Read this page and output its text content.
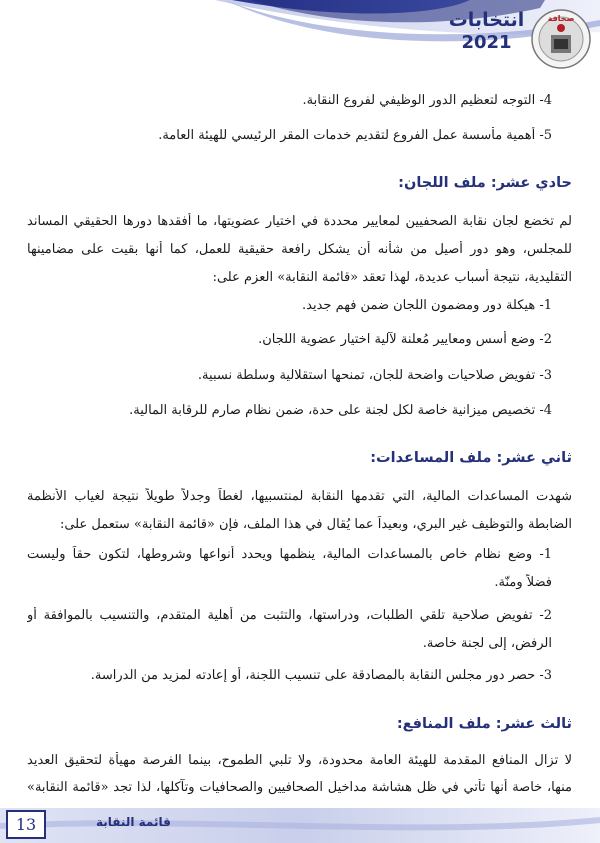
انتخابات
2021
صحافة
4- التوجه لتعظيم الدور الوظيفي لفروع النقابة.
5- أهمية مأسسة عمل الفروع لتقديم خدمات المقر الرئيسي للهيئة العامة.
حادي عشر: ملف اللجان:
لم تخضع لجان نقابة الصحفيين لمعايير محددة في اختيار عضويتها، ما أفقدها دورها الحقيقي المساند
للمجلس، وهو دور أصيل من شأنه أن يشكل رافعة حقيقية للعمل، كما أنها بقيت على مضامينها
التقليدية، نتيجة أسباب عديدة، لهذا تعقد «قائمة النقابة» العزم على:
1- هيكلة دور ومضمون اللجان ضمن فهم جديد.
2- وضع أسس ومعايير مُعلنة لآلية اختيار عضوية اللجان.
3- تفويض صلاحيات واضحة للجان، تمنحها استقلالية وسلطة نسبية.
4- تخصيص ميزانية خاصة لكل لجنة على حدة، ضمن نظام صارم للرقابة المالية.
ثاني عشر: ملف المساعدات:
شهدت المساعدات المالية، التي تقدمها النقابة لمنتسبيها، لغطاً وجدلاً طويلاً نتيجة لغياب الأنظمة
الضابطة والتوظيف غير البري، وبعيداً عما يُقال في هذا الملف، فإن «قائمة النقابة» ستعمل على:
1- وضع نظام خاص بالمساعدات المالية، ينظمها ويحدد أنواعها وشروطها، لتكون حقاً وليست
فضلاً ومنّة.
2- تفويض صلاحية تلقي الطلبات، ودراستها، والتثبت من أهلية المتقدم، والتنسيب بالموافقة أو
الرفض، إلى لجنة خاصة.
3- حصر دور مجلس النقابة بالمصادقة على تنسيب اللجنة، أو إعادته لمزيد من الدراسة.
ثالث عشر: ملف المنافع:
لا تزال المنافع المقدمة للهيئة العامة محدودة، ولا تلبي الطموح، بينما الفرصة مهيأة لتحقيق العديد
منها، خاصة أنها تأتي في ظل هشاشة مداخيل الصحافيين والصحافيات وتآكلها، لذا تجد «قائمة النقابة»
13	قائمة النقابة
